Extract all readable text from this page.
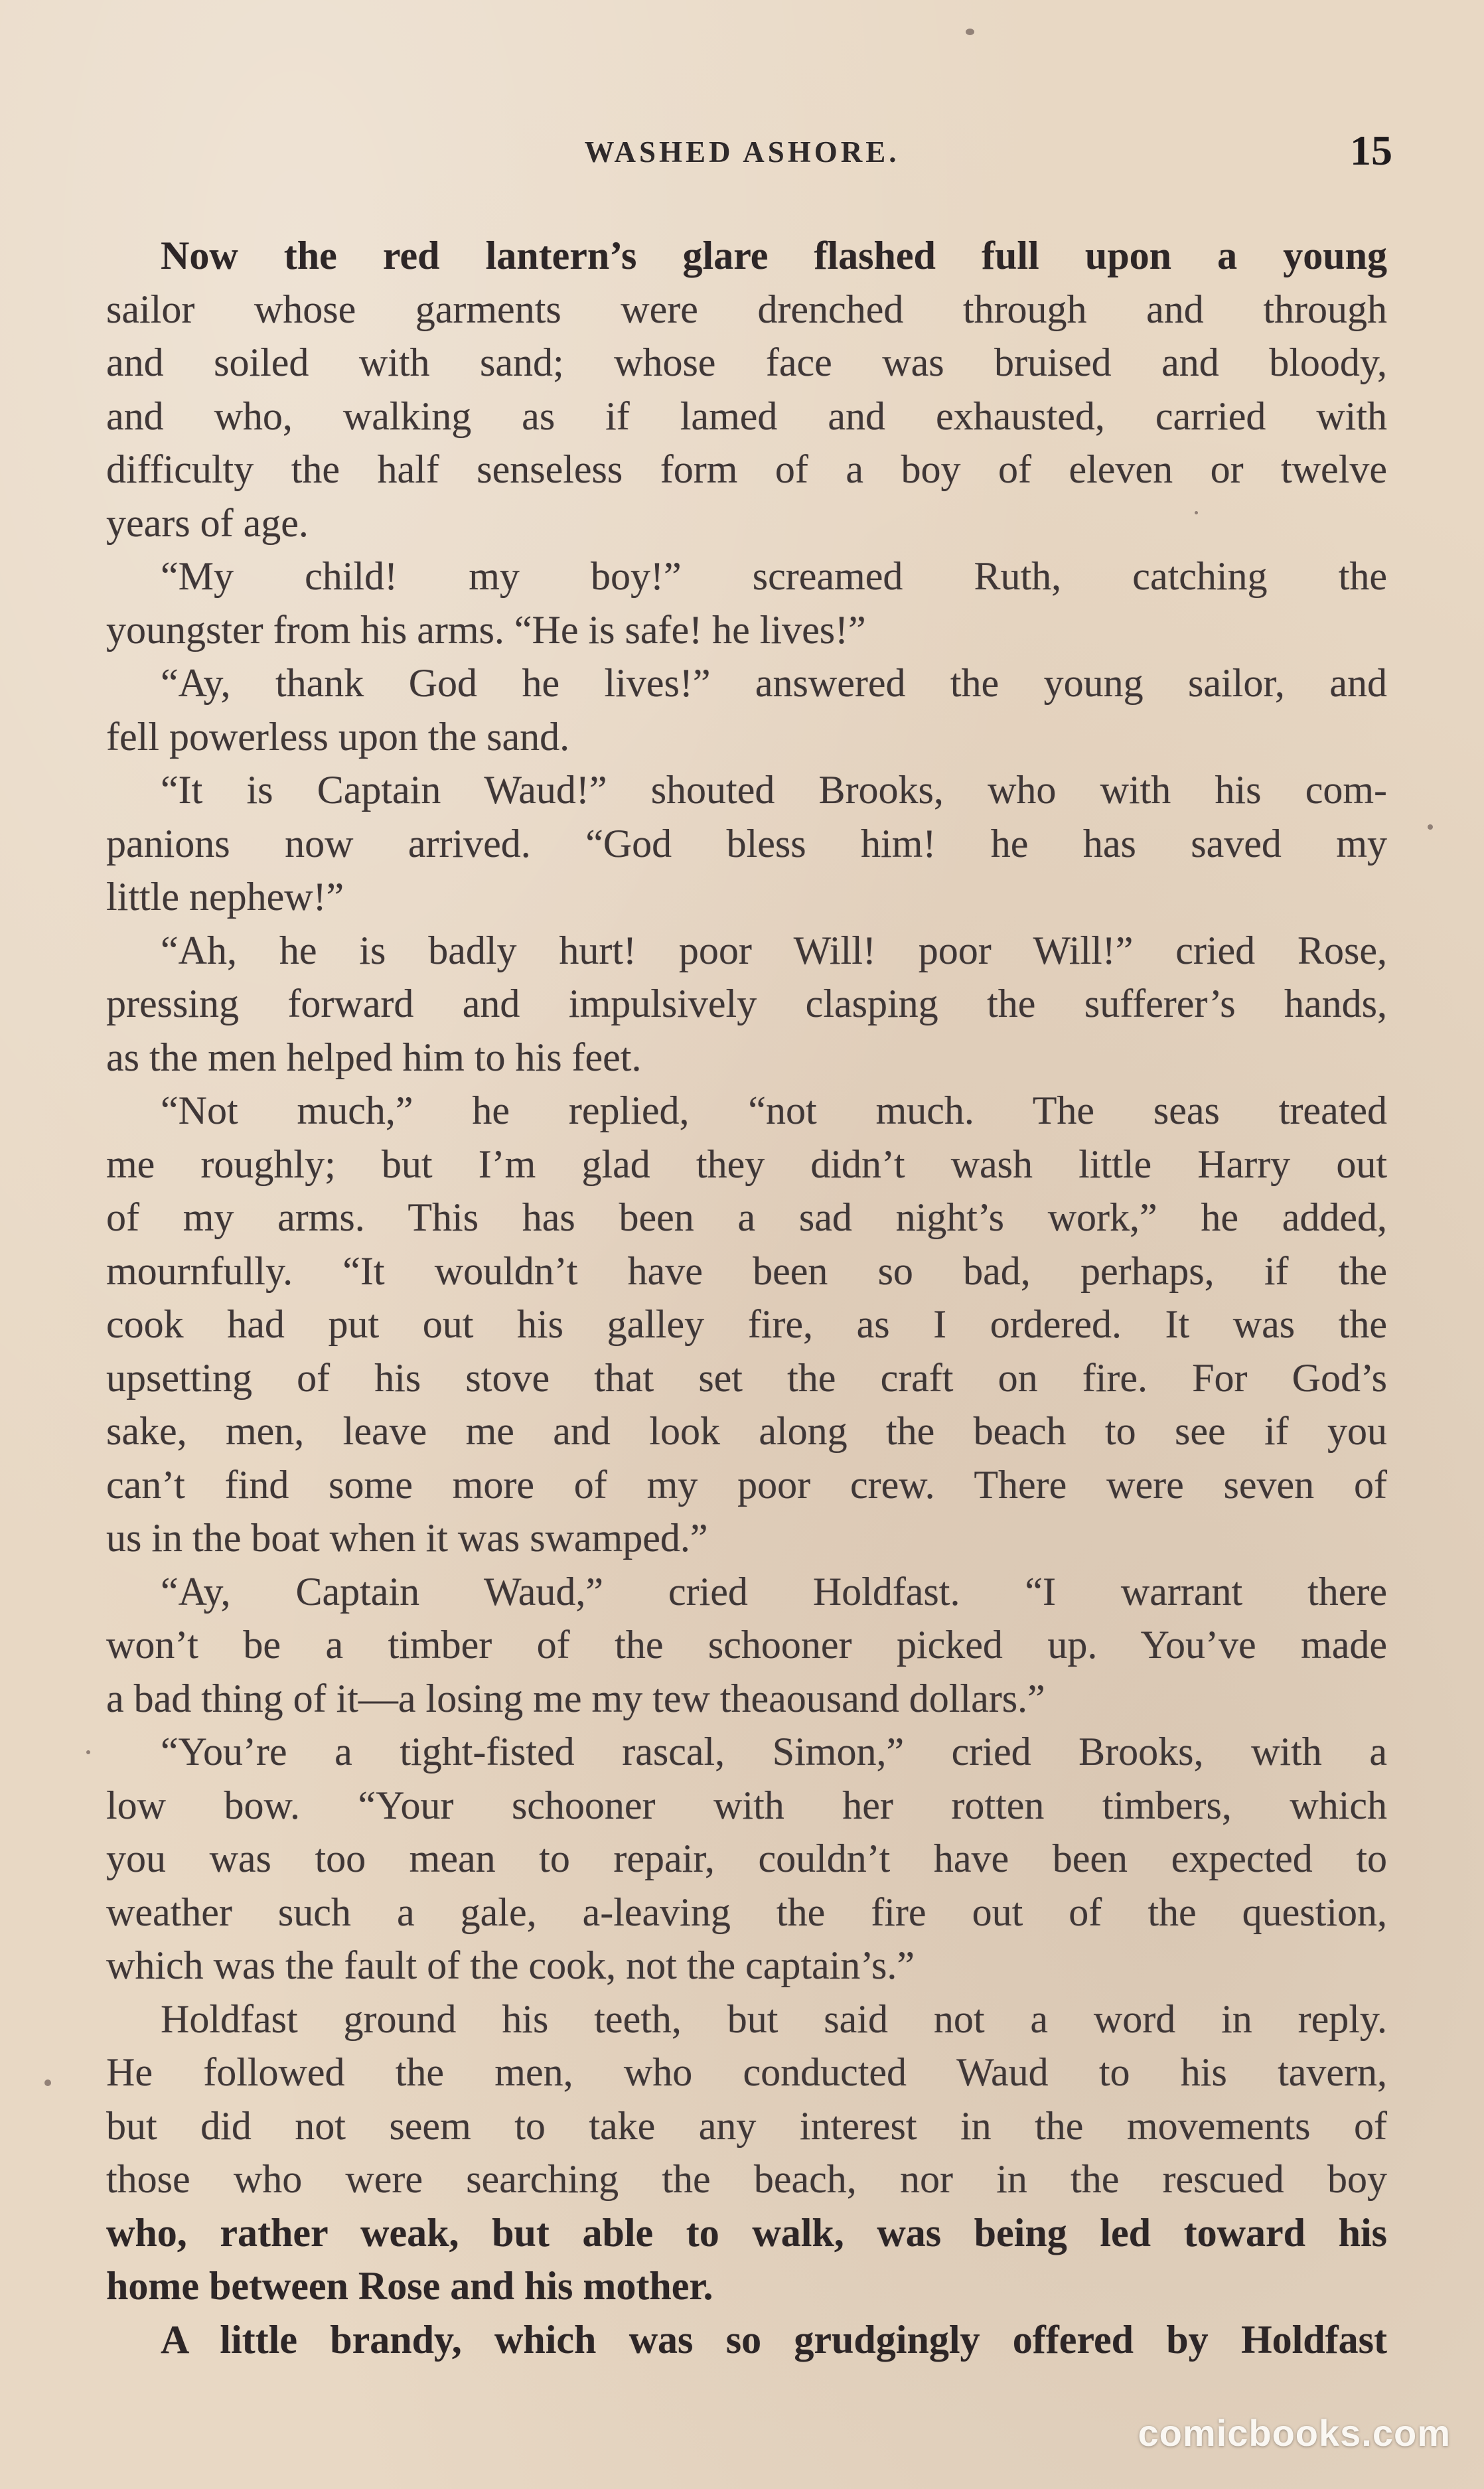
WASHED ASHORE.	15
Now the red lantern’s glare flashed full upon a young
sailor whose garments were drenched through and through
and soiled with sand; whose face was bruised and bloody,
and who, walking as if lamed and exhausted, carried with
difficulty the half senseless form of a boy of eleven or twelve
years of age.
“My child! my boy!” screamed Ruth, catching the
youngster from his arms. “He is safe! he lives!”
“Ay, thank God he lives!” answered the young sailor, and
fell powerless upon the sand.
“It is Captain Waud!” shouted Brooks, who with his com-
panions now arrived. “God bless him! he has saved my
little nephew!”
“Ah, he is badly hurt! poor Will! poor Will!” cried Rose,
pressing forward and impulsively clasping the sufferer’s hands,
as the men helped him to his feet.
“Not much,” he replied, “not much. The seas treated
me roughly; but I’m glad they didn’t wash little Harry out
of my arms. This has been a sad night’s work,” he added,
mournfully. “It wouldn’t have been so bad, perhaps, if the
cook had put out his galley fire, as I ordered. It was the
upsetting of his stove that set the craft on fire. For God’s
sake, men, leave me and look along the beach to see if you
can’t find some more of my poor crew. There were seven of
us in the boat when it was swamped.”
“Ay, Captain Waud,” cried Holdfast. “I warrant there
won’t be a timber of the schooner picked up. You’ve made
a bad thing of it—a losing me my tew theaousand dollars.”
“You’re a tight-fisted rascal, Simon,” cried Brooks, with a
low bow. “Your schooner with her rotten timbers, which
you was too mean to repair, couldn’t have been expected to
weather such a gale, a-leaving the fire out of the question,
which was the fault of the cook, not the captain’s.”
Holdfast ground his teeth, but said not a word in reply.
He followed the men, who conducted Waud to his tavern,
but did not seem to take any interest in the movements of
those who were searching the beach, nor in the rescued boy
who, rather weak, but able to walk, was being led toward his
home between Rose and his mother.
A little brandy, which was so grudgingly offered by Holdfast
comicbooks.com
